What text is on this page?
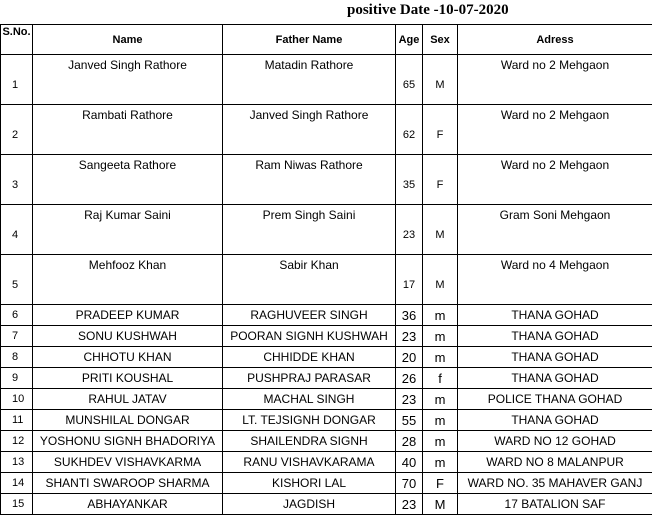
positive Date -10-07-2020
S.No.	Name	Father Name	Age	Sex	Adress
1	Janved Singh Rathore	Matadin Rathore	65	M	Ward no 2 Mehgaon
2	Rambati Rathore	Janved Singh Rathore	62	F	Ward no 2 Mehgaon
3	Sangeeta Rathore	Ram Niwas Rathore	35	F	Ward no 2 Mehgaon
4	Raj Kumar Saini	Prem Singh Saini	23	M	Gram Soni Mehgaon
5	Mehfooz Khan	Sabir Khan	17	M	Ward no 4 Mehgaon
6	PRADEEP KUMAR	RAGHUVEER SINGH	36	m	THANA GOHAD
7	SONU KUSHWAH	POORAN SIGNH KUSHWAH	23	m	THANA GOHAD
8	CHHOTU KHAN	CHHIDDE KHAN	20	m	THANA GOHAD
9	PRITI KOUSHAL	PUSHPRAJ PARASAR	26	f	THANA GOHAD
10	RAHUL JATAV	MACHAL SINGH	23	m	POLICE THANA GOHAD
11	MUNSHILAL DONGAR	LT. TEJSIGNH DONGAR	55	m	THANA GOHAD
12	YOSHONU SIGNH BHADORIYA	SHAILENDRA SIGNH	28	m	WARD NO 12 GOHAD
13	SUKHDEV VISHAVKARMA	RANU VISHAVKARAMA	40	m	WARD NO 8 MALANPUR
14	SHANTI SWAROOP SHARMA	KISHORI LAL	70	F	WARD NO. 35 MAHAVER GANJ
15	ABHAYANKAR	JAGDISH	23	M	17 BATALION SAF
